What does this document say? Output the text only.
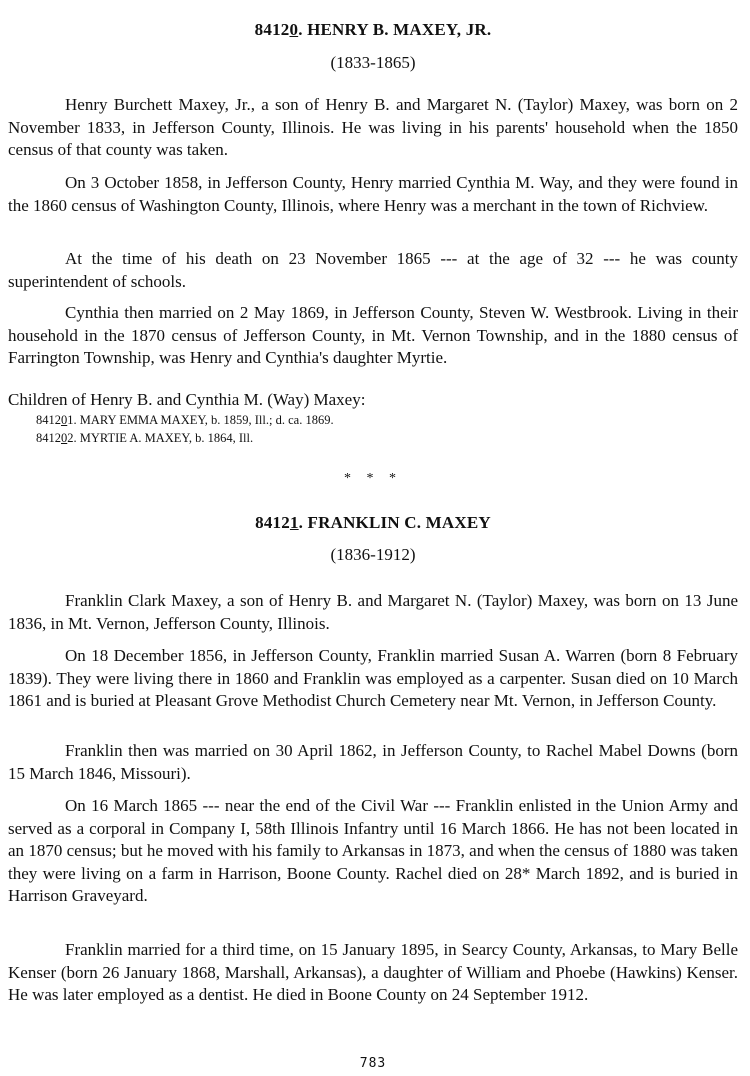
84120. HENRY B. MAXEY, JR.
(1833-1865)

Henry Burchett Maxey, Jr., a son of Henry B. and Margaret N. (Taylor) Maxey, was born on 2 November 1833, in Jefferson County, Illinois. He was living in his parents' household when the 1850 census of that county was taken.

On 3 October 1858, in Jefferson County, Henry married Cynthia M. Way, and they were found in the 1860 census of Washington County, Illinois, where Henry was a merchant in the town of Richview.

At the time of his death on 23 November 1865 --- at the age of 32 --- he was county superintendent of schools.

Cynthia then married on 2 May 1869, in Jefferson County, Steven W. Westbrook. Living in their household in the 1870 census of Jefferson County, in Mt. Vernon Township, and in the 1880 census of Farrington Township, was Henry and Cynthia's daughter Myrtie.

Children of Henry B. and Cynthia M. (Way) Maxey:

841201. MARY EMMA MAXEY, b. 1859, Ill.; d. ca. 1869.

841202. MYRTIE A. MAXEY, b. 1864, Ill.

* * *
84121. FRANKLIN C. MAXEY
(1836-1912)

Franklin Clark Maxey, a son of Henry B. and Margaret N. (Taylor) Maxey, was born on 13 June 1836, in Mt. Vernon, Jefferson County, Illinois.

On 18 December 1856, in Jefferson County, Franklin married Susan A. Warren (born 8 February 1839). They were living there in 1860 and Franklin was employed as a carpenter. Susan died on 10 March 1861 and is buried at Pleasant Grove Methodist Church Cemetery near Mt. Vernon, in Jefferson County.

Franklin then was married on 30 April 1862, in Jefferson County, to Rachel Mabel Downs (born 15 March 1846, Missouri).

On 16 March 1865 --- near the end of the Civil War --- Franklin enlisted in the Union Army and served as a corporal in Company I, 58th Illinois Infantry until 16 March 1866. He has not been located in an 1870 census; but he moved with his family to Arkansas in 1873, and when the census of 1880 was taken they were living on a farm in Harrison, Boone County. Rachel died on 28* March 1892, and is buried in Harrison Graveyard.

Franklin married for a third time, on 15 January 1895, in Searcy County, Arkansas, to Mary Belle Kenser (born 26 January 1868, Marshall, Arkansas), a daughter of William and Phoebe (Hawkins) Kenser. He was later employed as a dentist. He died in Boone County on 24 September 1912.

783
